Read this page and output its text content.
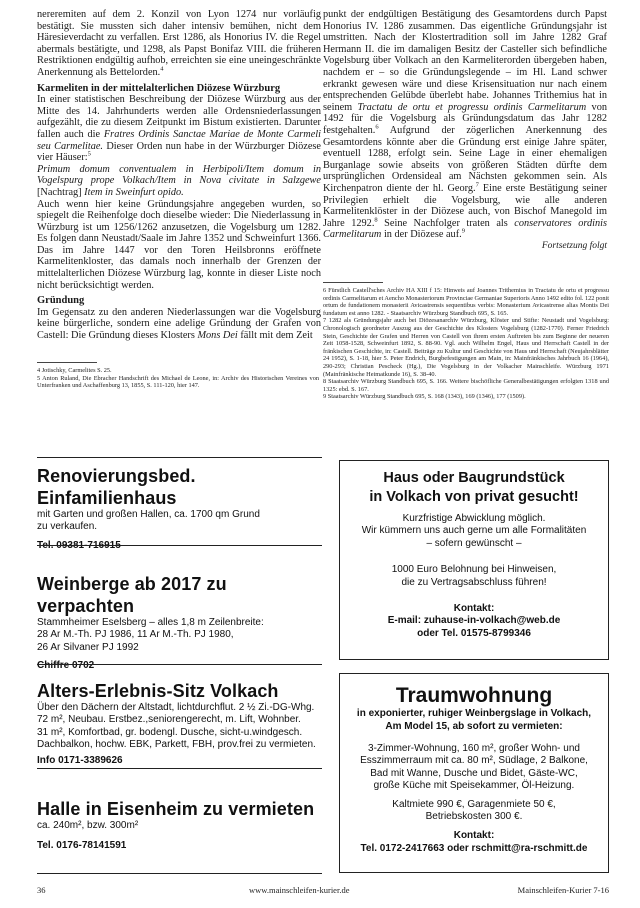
nereremiten auf dem 2. Konzil von Lyon 1274 nur vorläufig bestätigt. Sie mussten sich daher intensiv bemühen, nicht dem Häresieverdacht zu verfallen. Erst 1286, als Honorius IV. die Regel abermals bestätigte, und 1298, als Papst Bonifaz VIII. die früheren Restriktionen endgültig aufhob, erreichten sie eine uneingeschränkte Anerkennung als Bettelorden.$^4$

Karmeliten in der mittelalterlichen Diözese Würzburg

In einer statistischen Beschreibung der Diözese Würzburg aus der Mitte des 14. Jahrhunderts werden alle Ordensniederlassungen aufgezählt, die zu diesem Zeitpunkt im Bistum existierten. Darunter fallen auch die Fratres Ordinis Sanctae Mariae de Monte Carmeli seu Carmelitae. Dieser Orden nun habe in der Würzburger Diözese vier Häuser:$^5$

Primum domum conventualem in Herbipoli/Item domum in Vogelspurg prope Volkach/Item in Nova civitate in Salzgewe [Nachtrag] Item in Sweinfurt opido.

Auch wenn hier keine Gründungsjahre angegeben wurden, so spiegelt die Reihenfolge doch dieselbe wieder: Die Niederlassung in Würzburg ist um 1256/1262 anzusetzen, die Vogelsburg um 1282. Es folgen dann Neustadt/Saale im Jahre 1352 und Schweinfurt 1366. Das im Jahre 1447 vor den Toren Heilsbronns eröffnete Karmelitenkloster, das damals noch innerhalb der Grenzen der mittelalterlichen Diözese Würzburg lag, konnte in dieser Liste noch nicht berücksichtigt werden.

Gründung

Im Gegensatz zu den anderen Niederlassungen war die Vogelsburg keine bürgerliche, sondern eine adelige Gründung der Grafen von Castell: Die Gründung dieses Klosters Mons Dei fällt mit dem Zeit

punkt der endgültigen Bestätigung des Gesamtordens durch Papst Honorius IV. 1286 zusammen. Das eigentliche Gründungsjahr ist umstritten. Nach der Klostertradition soll im Jahre 1282 Graf Hermann II. die im damaligen Besitz der Casteller sich befindliche Vogelsburg über Volkach an den Karmeliterorden übergeben haben, nachdem er – so die Gründungslegende – im Hl. Land schwer erkrankt gewesen wäre und diese Krisensituation nur nach einem entsprechenden Gelübde überlebt habe. Johannes Trithemius hat in seinem Tractatu de ortu et progressu ordinis Carmelitarum von 1492 für die Vogelsburg als Gründungsdatum das Jahr 1282 festgehalten.$^6$ Aufgrund der zögerlichen Anerkennung des Gesamtordens könnte aber die Gründung erst einige Jahre später, eventuell 1288, erfolgt sein. Seine Lage in einer ehemaligen Burganlage sowie abseits von größeren Städten dürfte dem ursprünglichen Ordensideal am Nächsten gekommen sein. Als Kirchenpatron diente der hl. Georg.$^7$ Eine erste Bestätigung seiner Privilegien erhielt die Vogelsburg, wie alle anderen Karmelitenklöster in der Diözese auch, von Bischof Manegold im Jahre 1292.$^8$ Seine Nachfolger traten als conservatores ordinis Carmelitarum in der Diözese auf.$^9$

Fortsetzung folgt

4 Jotischky, Carmelites S. 25.

5 Anton Ruland, Die Ebracher Handschrift des Michael de Leone, in: Archiv des Historischen Vereines von Unterfranken und Aschaffenburg 13, 1855, S. 111-120, hier 147.

6 Fürstlich Castell'sches Archiv HA XIII f 15: Hinweis auf Joannes Trithemius in Tractatu de ortu et progressu ordinis Carmelitarum et Aencho Monasteriorum Provinciae Germaniae Superioris Anno 1492 edito fol. 122 ponit ortum de fundationem monasterii Avicastrensis sequentibus verbis: Monasterium Avicastrense alias Montis Dei fundatum est anno 1282. - Staatsarchiv Würzburg Standbuch 695, S. 165.

7 1282 als Gründungsjahr auch bei Diözesanarchiv Würzburg, Klöster und Stifte: Neustadt und Vogelsburg: Chronologisch geordneter Auszug aus der Geschichte des Klosters Vogelsburg (1282-1770). Ferner Friedrich Stein, Geschichte der Grafen und Herren von Castell von ihrem ersten Auftreten bis zum Beginne der neueren Zeit 1058-1528, Schweinfurt 1892, S. 88-90. Vgl. auch Wilhelm Engel, Haus und Herrschaft Castell in der fränkischen Geschichte, in: Castell. Beiträge zu Kultur und Geschichte von Haus und Herrschaft (Neujahrsblätter 24 1952), S. 1-18, hier 5. Peter Endrich, Burgbefestigungen am Main, in: Mainfränkisches Jahrbuch 16 (1964), 290-293; Christian Pescheck (Hg.), Die Vogelsburg in der Volkacher Mainschleife. Würzburg 1971 (Mainfränkische Heimatkunde 16), S. 38-40.

8 Staatsarchiv Würzburg Standbuch 695, S. 166. Weitere bischöfliche Generalbestätigungen erfolgten 1318 und 1325: ebd. S. 167.

9 Staatsarchiv Würzburg Standbuch 695, S. 168 (1343), 169 (1346), 177 (1509).

Renovierungsbed. Einfamilienhaus
mit Garten und großen Hallen, ca. 1700 qm Grund
zu verkaufen.
Tel. 09381-716915
Weinberge ab 2017 zu verpachten
Stammheimer Eselsberg – alles 1,8 m Zeilenbreite:
28 Ar M.-Th. PJ 1986, 11 Ar M.-Th. PJ 1980,
26 Ar Silvaner PJ 1992
Chiffre 0702
Alters-Erlebnis-Sitz Volkach
Über den Dächern der Altstadt, lichtdurchflut. 2 ½ Zi.-DG-Whg.
72 m², Neubau. Erstbez.,seniorengerecht, m. Lift, Wohnber.
31 m², Komfortbad, gr. bodengl. Dusche, sicht-u.windgesch.
Dachbalkon, hochw. EBK, Parkett, FBH, prov.frei zu vermieten.
Info 0171-3389626
Halle in Eisenheim zu vermieten
ca. 240m², bzw. 300m²
Tel. 0176-78141591
Haus oder Baugrundstück
in Volkach von privat gesucht!
Kurzfristige Abwicklung möglich.
Wir kümmern uns auch gerne um alle Formalitäten
– sofern gewünscht –
1000 Euro Belohnung bei Hinweisen,
die zu Vertragsabschluss führen!
Kontakt:
E-mail: zuhause-in-volkach@web.de
oder Tel. 01575-8799346
Traumwohnung
in exponierter, ruhiger Weinbergslage in Volkach,
Am Model 15, ab sofort zu vermieten:
3-Zimmer-Wohnung, 160 m², großer Wohn- und
Esszimmerraum mit ca. 80 m², Südlage, 2 Balkone,
Bad mit Wanne, Dusche und Bidet, Gäste-WC,
große Küche mit Speisekammer, Öl-Heizung.
Kaltmiete 990 €, Garagenmiete 50 €,
Betriebskosten 300 €.
Kontakt:
Tel. 0172-2417663 oder rschmitt@ra-rschmitt.de
36	www.mainschleifen-kurier.de	Mainschleifen-Kurier 7-16
